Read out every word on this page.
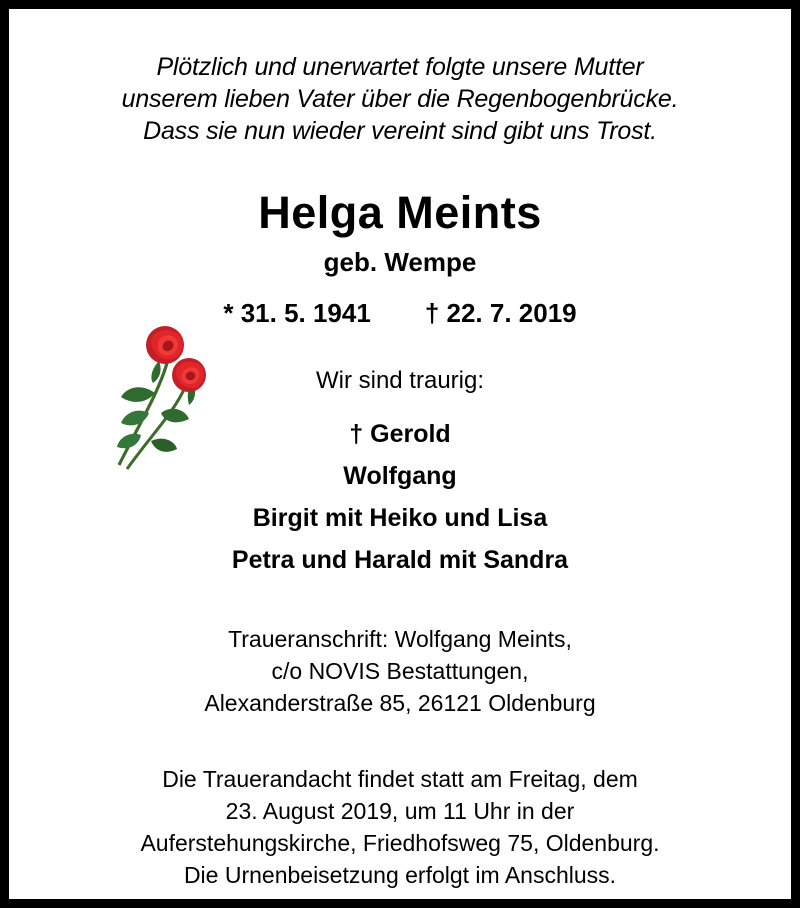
Plötzlich und unerwartet folgte unsere Mutter
unserem lieben Vater über die Regenbogenbrücke.
Dass sie nun wieder vereint sind gibt uns Trost.
Helga Meints
geb. Wempe
* 31. 5. 1941 † 22. 7. 2019
Wir sind traurig:
† Gerold
Wolfgang
Birgit mit Heiko und Lisa
Petra und Harald mit Sandra
Traueranschrift: Wolfgang Meints,
c/o NOVIS Bestattungen,
Alexanderstraße 85, 26121 Oldenburg
Die Trauerandacht findet statt am Freitag, dem
23. August 2019, um 11 Uhr in der
Auferstehungskirche, Friedhofsweg 75, Oldenburg.
Die Urnenbeisetzung erfolgt im Anschluss.
